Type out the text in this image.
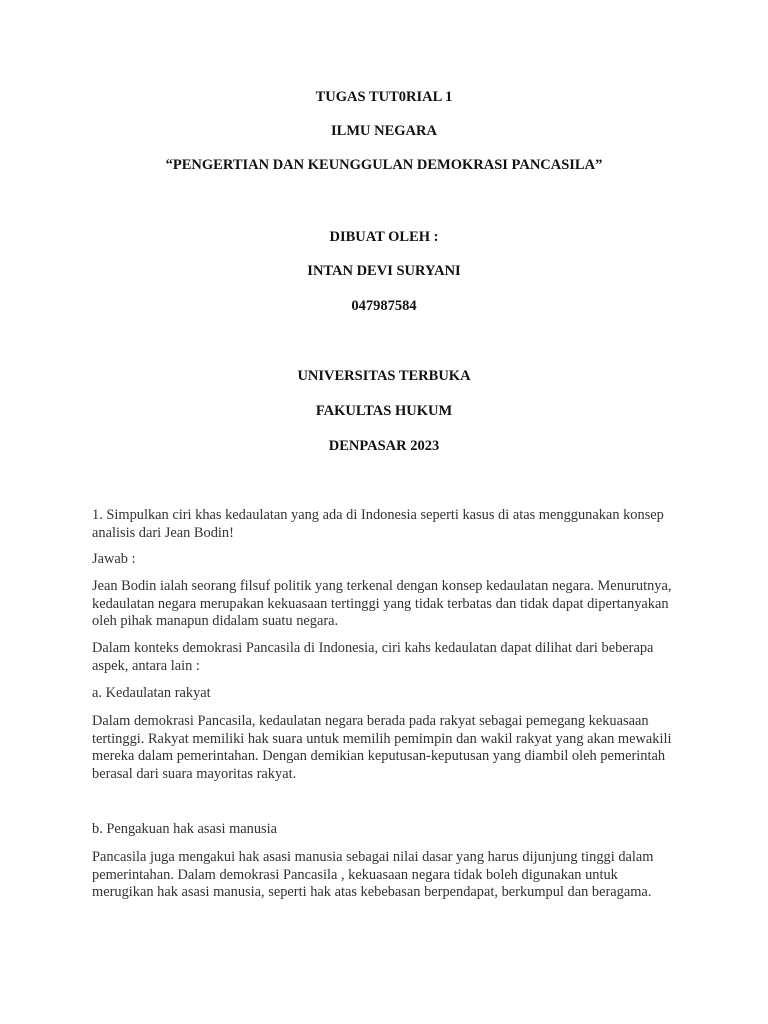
TUGAS TUT0RIAL 1
ILMU NEGARA
“PENGERTIAN DAN KEUNGGULAN DEMOKRASI PANCASILA”
DIBUAT OLEH :
INTAN DEVI SURYANI
047987584
UNIVERSITAS TERBUKA
FAKULTAS HUKUM
DENPASAR 2023

1. Simpulkan ciri khas kedaulatan yang ada di Indonesia seperti kasus di atas menggunakan konsep analisis dari Jean Bodin!

Jawab :

Jean Bodin ialah seorang filsuf politik yang terkenal dengan konsep kedaulatan negara. Menurutnya, kedaulatan negara merupakan kekuasaan tertinggi yang tidak terbatas dan tidak dapat dipertanyakan oleh pihak manapun didalam suatu negara.

Dalam konteks demokrasi Pancasila di Indonesia, ciri kahs kedaulatan dapat dilihat dari beberapa aspek, antara lain :

a. Kedaulatan rakyat

Dalam demokrasi Pancasila, kedaulatan negara berada pada rakyat sebagai pemegang kekuasaan tertinggi. Rakyat memiliki hak suara untuk memilih pemimpin dan wakil rakyat yang akan mewakili mereka dalam pemerintahan. Dengan demikian keputusan-keputusan yang diambil oleh pemerintah berasal dari suara mayoritas rakyat.

b. Pengakuan hak asasi manusia

Pancasila juga mengakui hak asasi manusia sebagai nilai dasar yang harus dijunjung tinggi dalam pemerintahan. Dalam demokrasi Pancasila , kekuasaan negara tidak boleh digunakan untuk merugikan hak asasi manusia, seperti hak atas kebebasan berpendapat, berkumpul dan beragama.
